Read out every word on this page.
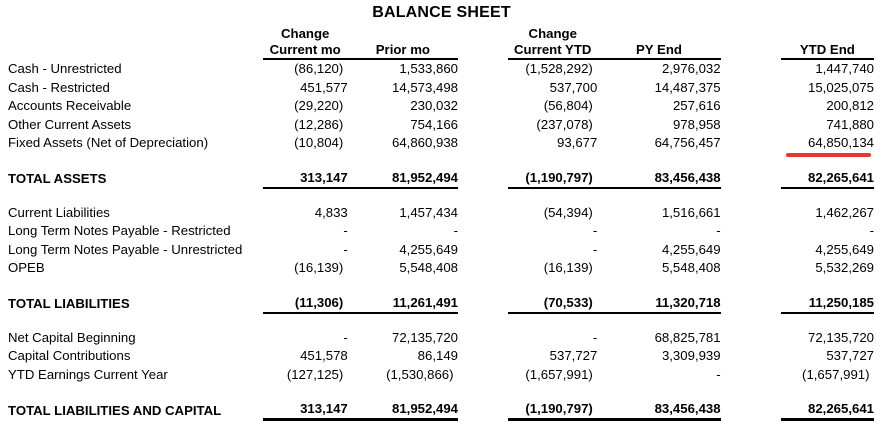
BALANCE SHEET
	Change			Change			
	Current mo	Prior mo		Current YTD	PY End		YTD End
Cash - Unrestricted	(86,120)	1,533,860		(1,528,292)	2,976,032		1,447,740
Cash - Restricted	451,577	14,573,498		537,700	14,487,375		15,025,075
Accounts Receivable	(29,220)	230,032		(56,804)	257,616		200,812
Other Current Assets	(12,286)	754,166		(237,078)	978,958		741,880
Fixed Assets (Net of Depreciation)	(10,804)	64,860,938		93,677	64,756,457		64,850,134

TOTAL ASSETS	313,147	81,952,494		(1,190,797)	83,456,438		82,265,641

Current Liabilities	4,833	1,457,434		(54,394)	1,516,661		1,462,267
Long Term Notes Payable - Restricted	-	-		-	-		-
Long Term Notes Payable - Unrestricted	-	4,255,649		-	4,255,649		4,255,649
OPEB	(16,139)	5,548,408		(16,139)	5,548,408		5,532,269

TOTAL LIABILITIES	(11,306)	11,261,491		(70,533)	11,320,718		11,250,185

Net Capital Beginning	-	72,135,720		-	68,825,781		72,135,720
Capital Contributions	451,578	86,149		537,727	3,309,939		537,727
YTD Earnings Current Year	(127,125)	(1,530,866)		(1,657,991)	-		(1,657,991)

TOTAL LIABILITIES AND CAPITAL	313,147	81,952,494		(1,190,797)	83,456,438		82,265,641
